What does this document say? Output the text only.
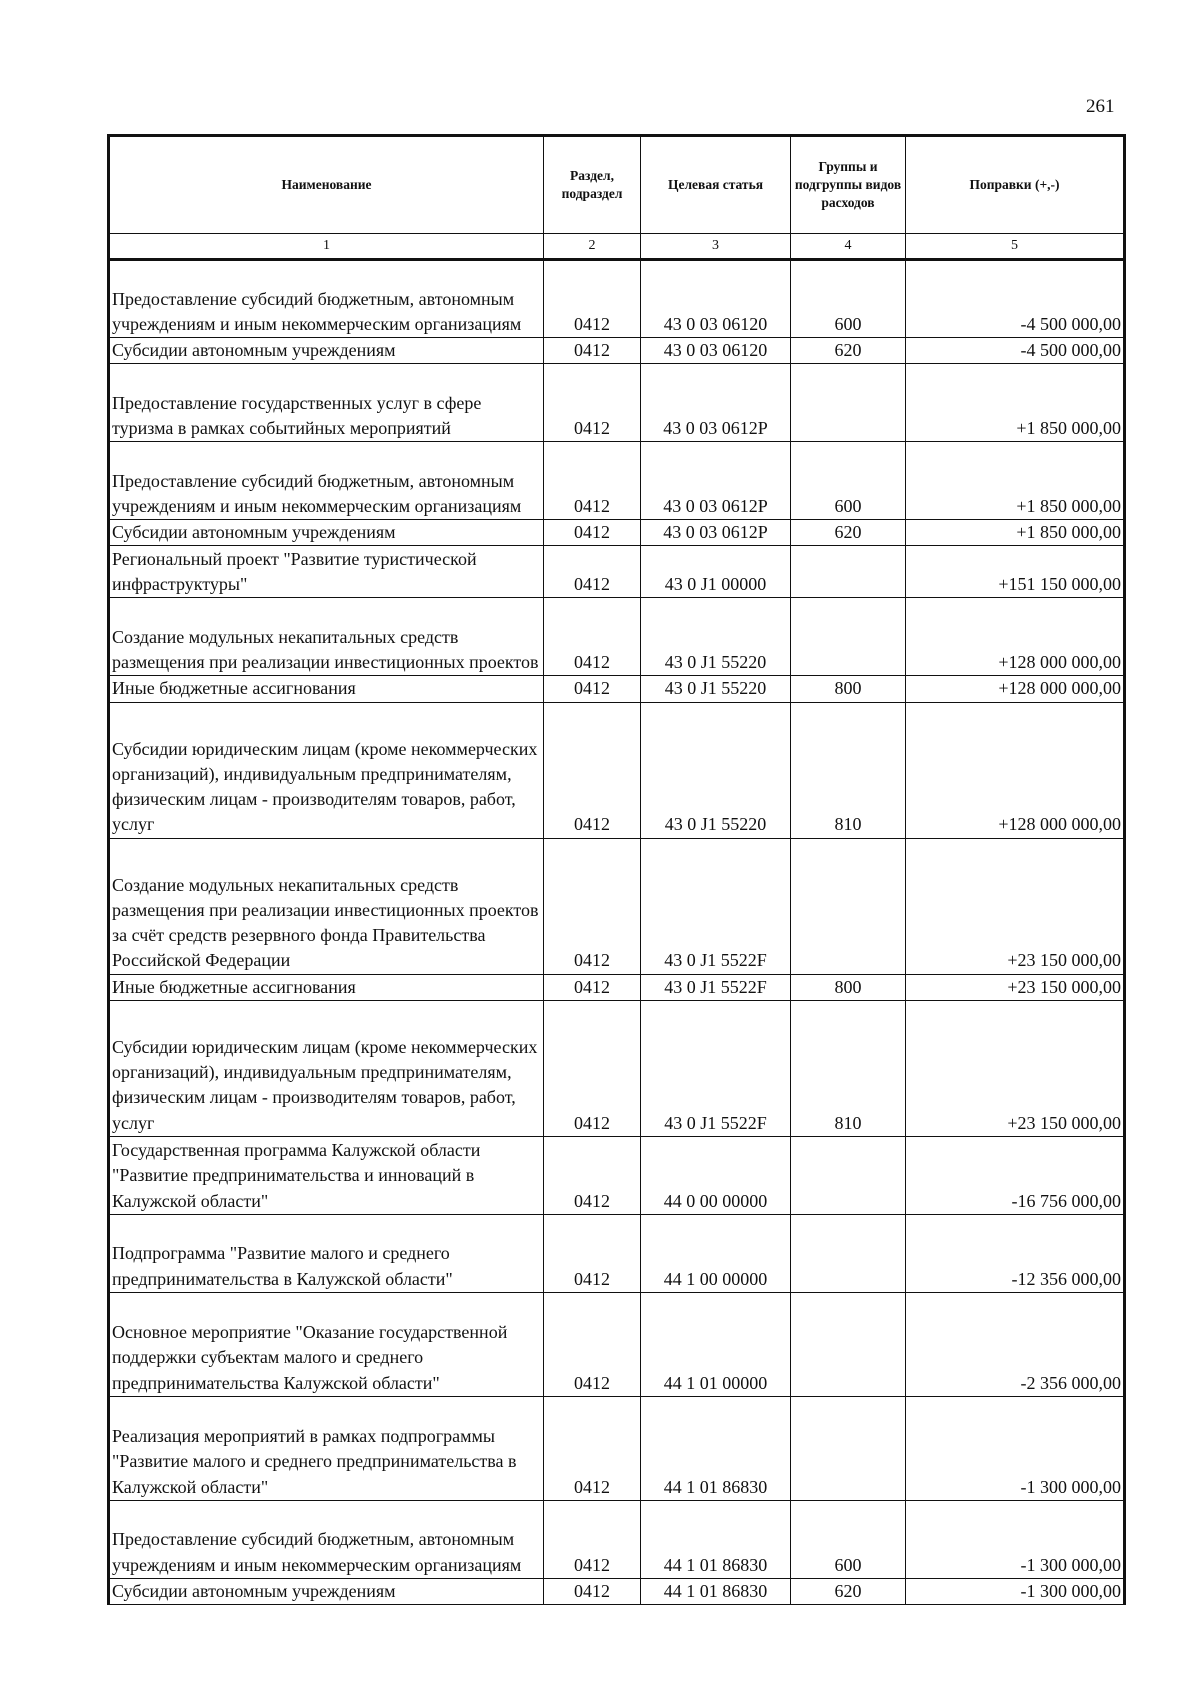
261
Наименование	Раздел, подраздел	Целевая статья	Группы и подгруппы видов расходов	Поправки (+,-)
1	2	3	4	5
Предоставление субсидий бюджетным, автономным учреждениям и иным некоммерческим организациям	0412	43 0 03 06120	600	-4 500 000,00
Субсидии автономным учреждениям	0412	43 0 03 06120	620	-4 500 000,00
Предоставление государственных услуг в сфере туризма в рамках событийных мероприятий	0412	43 0 03 0612P		+1 850 000,00
Предоставление субсидий бюджетным, автономным учреждениям и иным некоммерческим организациям	0412	43 0 03 0612P	600	+1 850 000,00
Субсидии автономным учреждениям	0412	43 0 03 0612P	620	+1 850 000,00
Региональный проект "Развитие туристической инфраструктуры"	0412	43 0 J1 00000		+151 150 000,00
Создание модульных некапитальных средств размещения при реализации инвестиционных проектов	0412	43 0 J1 55220		+128 000 000,00
Иные бюджетные ассигнования	0412	43 0 J1 55220	800	+128 000 000,00
Субсидии юридическим лицам (кроме некоммерческих организаций), индивидуальным предпринимателям, физическим лицам - производителям товаров, работ, услуг	0412	43 0 J1 55220	810	+128 000 000,00
Создание модульных некапитальных средств размещения при реализации инвестиционных проектов за счёт средств резервного фонда Правительства Российской Федерации	0412	43 0 J1 5522F		+23 150 000,00
Иные бюджетные ассигнования	0412	43 0 J1 5522F	800	+23 150 000,00
Субсидии юридическим лицам (кроме некоммерческих организаций), индивидуальным предпринимателям, физическим лицам - производителям товаров, работ, услуг	0412	43 0 J1 5522F	810	+23 150 000,00
Государственная программа Калужской области "Развитие предпринимательства и инноваций в Калужской области"	0412	44 0 00 00000		-16 756 000,00
Подпрограмма "Развитие малого и среднего предпринимательства в Калужской области"	0412	44 1 00 00000		-12 356 000,00
Основное мероприятие "Оказание государственной поддержки субъектам малого и среднего предпринимательства Калужской области"	0412	44 1 01 00000		-2 356 000,00
Реализация мероприятий в рамках подпрограммы "Развитие малого и среднего предпринимательства в Калужской области"	0412	44 1 01 86830		-1 300 000,00
Предоставление субсидий бюджетным, автономным учреждениям и иным некоммерческим организациям	0412	44 1 01 86830	600	-1 300 000,00
Субсидии автономным учреждениям	0412	44 1 01 86830	620	-1 300 000,00
